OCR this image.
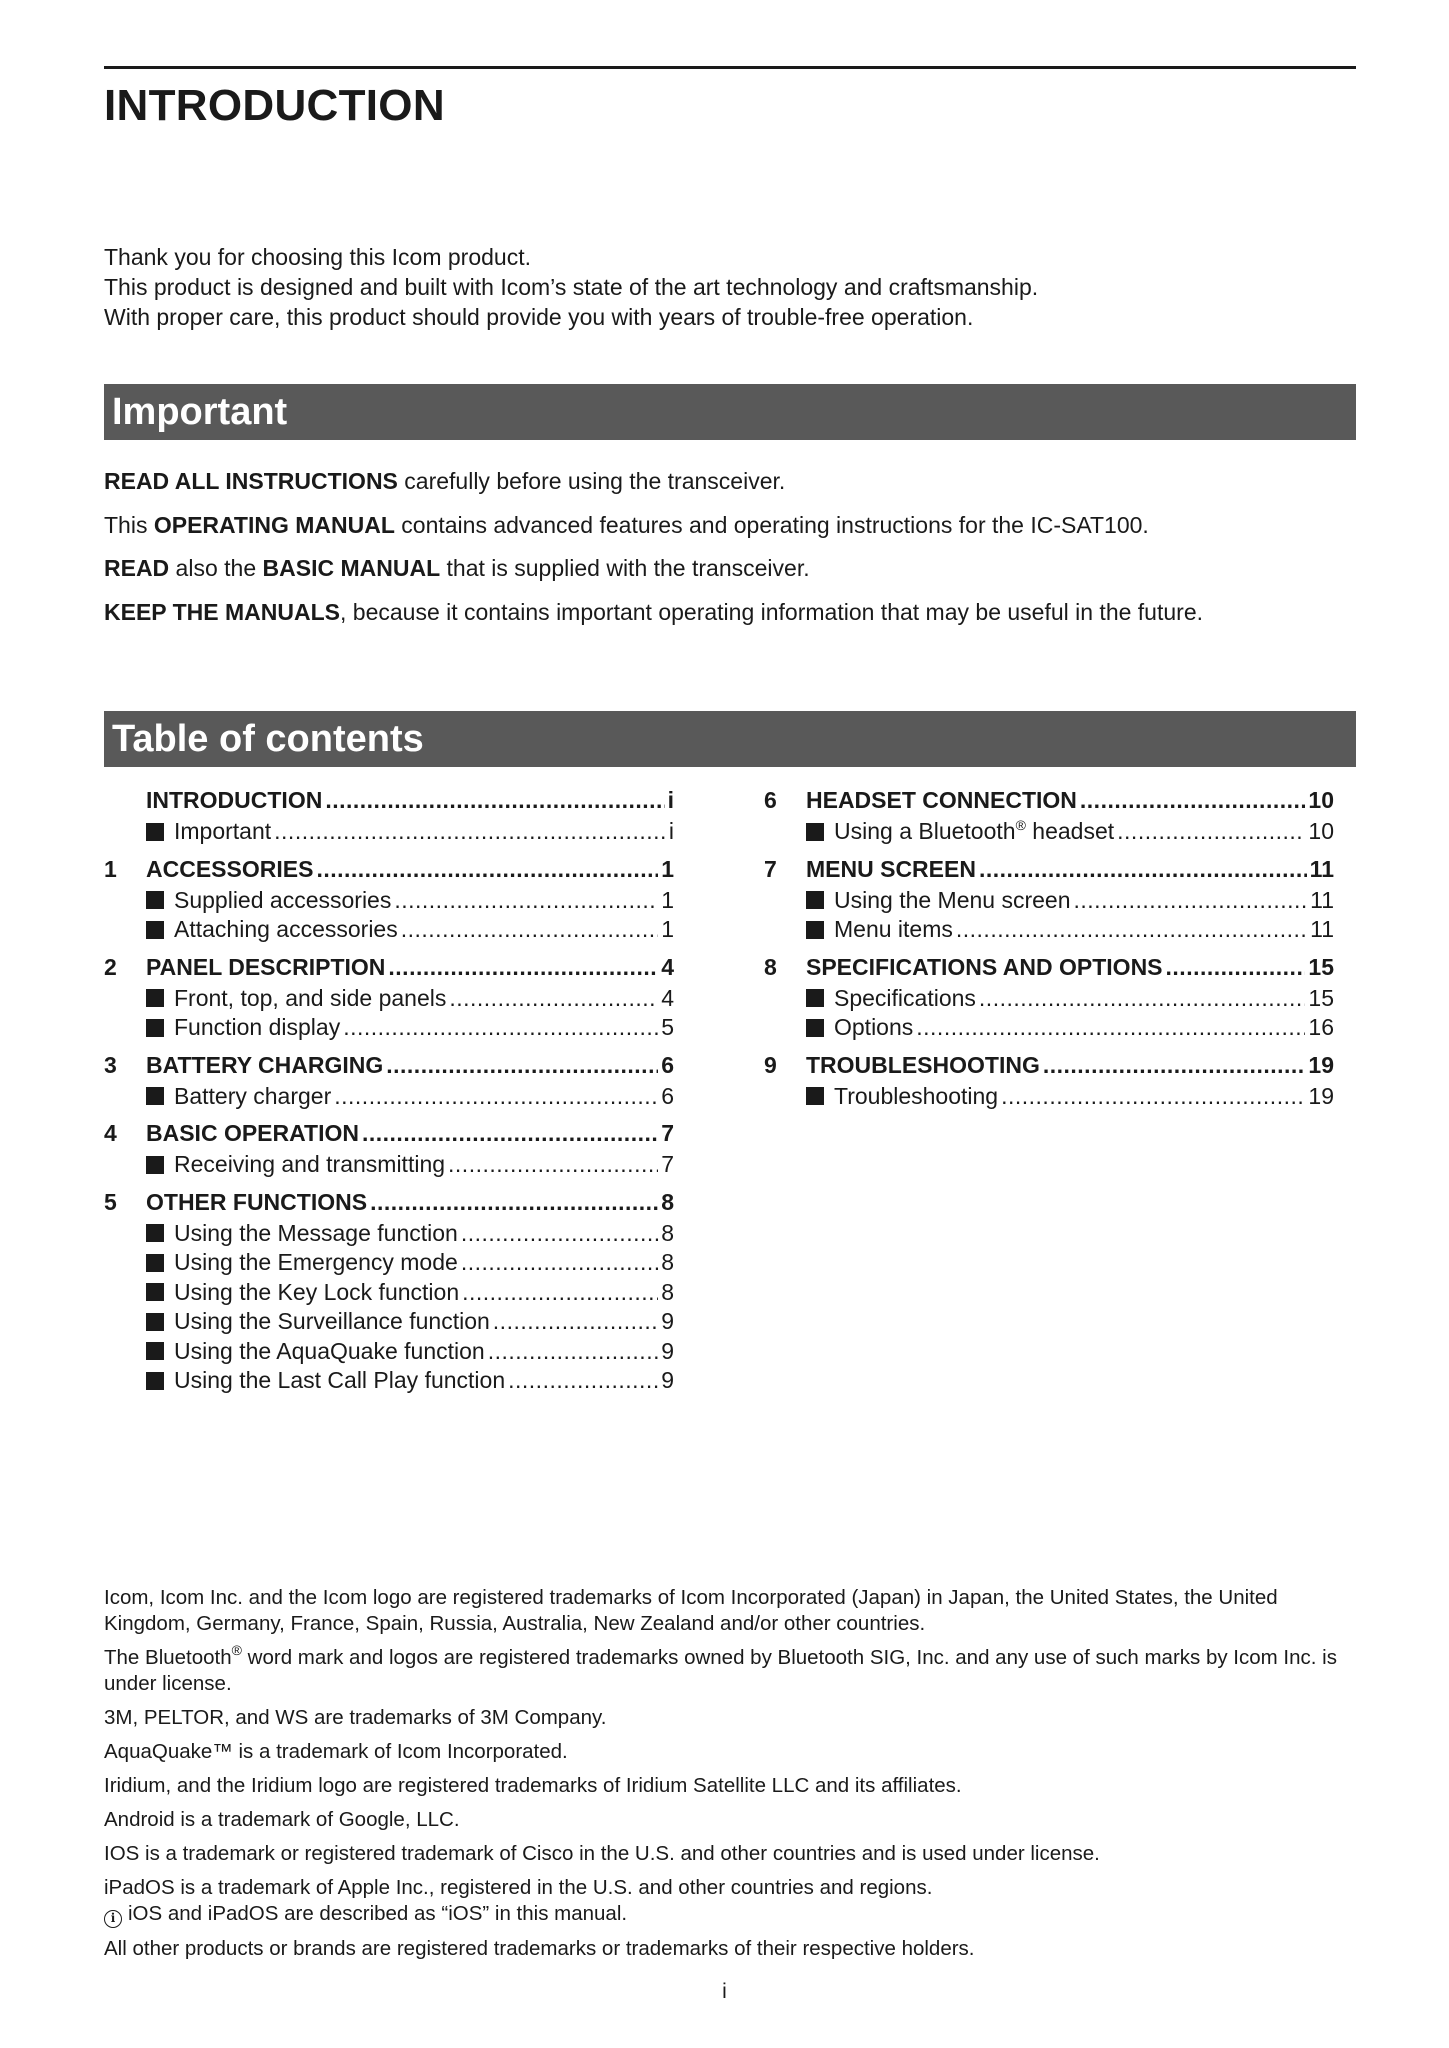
INTRODUCTION

Thank you for choosing this Icom product.

This product is designed and built with Icom’s state of the art technology and craftsmanship.

With proper care, this product should provide you with years of trouble-free operation.

Important

READ ALL INSTRUCTIONS carefully before using the transceiver.

This OPERATING MANUAL contains advanced features and operating instructions for the IC-SAT100.

READ also the BASIC MANUAL that is supplied with the transceiver.

KEEP THE MANUALS, because it contains important operating information that may be useful in the future.

Table of contents
INTRODUCTION .....	i
Important .....	i
1	ACCESSORIES .....	1
Supplied accessories .....	1
Attaching accessories .....	1
2	PANEL DESCRIPTION .....	4
Front, top, and side panels .....	4
Function display .....	5
3	BATTERY CHARGING .....	6
Battery charger .....	6
4	BASIC OPERATION .....	7
Receiving and transmitting .....	7
5	OTHER FUNCTIONS .....	8
Using the Message function .....	8
Using the Emergency mode .....	8
Using the Key Lock function .....	8
Using the Surveillance function .....	9
Using the AquaQuake function .....	9
Using the Last Call Play function .....	9
6	HEADSET CONNECTION .....	10
Using a Bluetooth® headset .....	10
7	MENU SCREEN .....	11
Using the Menu screen .....	11
Menu items .....	11
8	SPECIFICATIONS AND OPTIONS .....	15
Specifications .....	15
Options .....	16
9	TROUBLESHOOTING .....	19
Troubleshooting .....	19

Icom, Icom Inc. and the Icom logo are registered trademarks of Icom Incorporated (Japan) in Japan, the United States, the United Kingdom, Germany, France, Spain, Russia, Australia, New Zealand and/or other countries.

The Bluetooth® word mark and logos are registered trademarks owned by Bluetooth SIG, Inc. and any use of such marks by Icom Inc. is under license.

3M, PELTOR, and WS are trademarks of 3M Company.

AquaQuake™ is a trademark of Icom Incorporated.

Iridium, and the Iridium logo are registered trademarks of Iridium Satellite LLC and its affiliates.

Android is a trademark of Google, LLC.

IOS is a trademark or registered trademark of Cisco in the U.S. and other countries and is used under license.

iPadOS is a trademark of Apple Inc., registered in the U.S. and other countries and regions.

i iOS and iPadOS are described as “iOS” in this manual.

All other products or brands are registered trademarks or trademarks of their respective holders.

i
